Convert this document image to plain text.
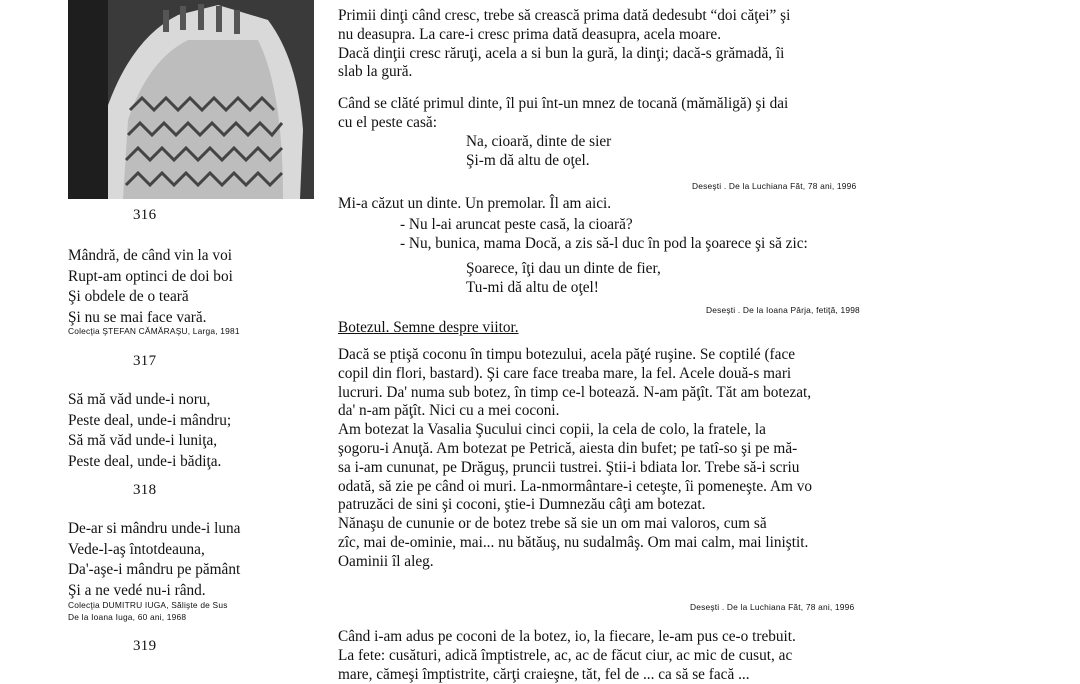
316
317
318
319
Mândră, de când vin la voi
Rupt-am optinci de doi boi
Şi obdele de o teară
Şi nu se mai face vară.
Colecţia ŞTEFAN CĂMĂRAŞU, Larga, 1981
Să mă văd unde-i noru,
Peste deal, unde-i mândru;
Să mă văd unde-i luniţa,
Peste deal, unde-i bădiţa.
De-ar si mândru unde-i luna
Vede-l-aş întotdeauna,
Da'-aşe-i mândru pe pământ
Şi a ne vedé nu-i rând.
Colecţia DUMITRU IUGA, Sălişte de Sus
De la Ioana Iuga, 60 ani, 1968
Primii dinţi când cresc, trebe să crească prima dată dedesubt “doi căţei” şi
nu deasupra. La care-i cresc prima dată deasupra, acela moare.
Dacă dinţii cresc răruţi, acela a si bun la gură, la dinţi; dacă-s grămadă, îi
slab la gură.
Când se clăté primul dinte, îl pui înt-un mnez de tocană (mămăligă) şi dai
cu el peste casă:
Na, cioară, dinte de sier
Şi-m dă altu de oţel.
Deseşti . De la Luchiana Făt, 78 ani, 1996
Mi-a căzut un dinte. Un premolar. Îl am aici.
- Nu l-ai aruncat peste casă, la cioară?
- Nu, bunica, mama Docă, a zis să-l duc în pod la şoarece şi să zic:
Şoarece, îţi dau un dinte de fier,
Tu-mi dă altu de oţel!
Deseşti . De la Ioana Pârja, fetiţă, 1998
Botezul. Semne despre viitor.
Dacă se ptişă coconu în timpu botezului, acela păţé ruşine. Se coptilé (face
copil din flori, bastard). Şi care face treaba mare, la fel. Acele două-s mari
lucruri. Da' numa sub botez, în timp ce-l botează. N-am păţît. Tăt am botezat,
da' n-am păţît. Nici cu a mei coconi.
Am botezat la Vasalia Şucului cinci copii, la cela de colo, la fratele, la
şogoru-i Anuţă. Am botezat pe Petrică, aiesta din bufet; pe tatî-so şi pe mă-
sa i-am cununat, pe Drăguş, pruncii tustrei. Ştii-i bdiata lor. Trebe să-i scriu
odată, să zie pe când oi muri. La-nmormântare-i ceteşte, îi pomeneşte. Am vo
patruzăci de sini şi coconi, ştie-i Dumnezău câţi am botezat.
Nănaşu de cununie or de botez trebe să sie un om mai valoros, cum să
zîc, mai de-ominie, mai... nu bătăuş, nu sudalmâş. Om mai calm, mai liniştit.
Oaminii îl aleg.
Deseşti . De la Luchiana Făt, 78 ani, 1996
Când i-am adus pe coconi de la botez, io, la fiecare, le-am pus ce-o trebuit.
La fete: cusături, adică împtistrele, ac, ac de făcut ciur, ac mic de cusut, ac
mare, cămeşi împtistrite, cărţi craieşne, tăt, fel de ... ca să se facă ...
